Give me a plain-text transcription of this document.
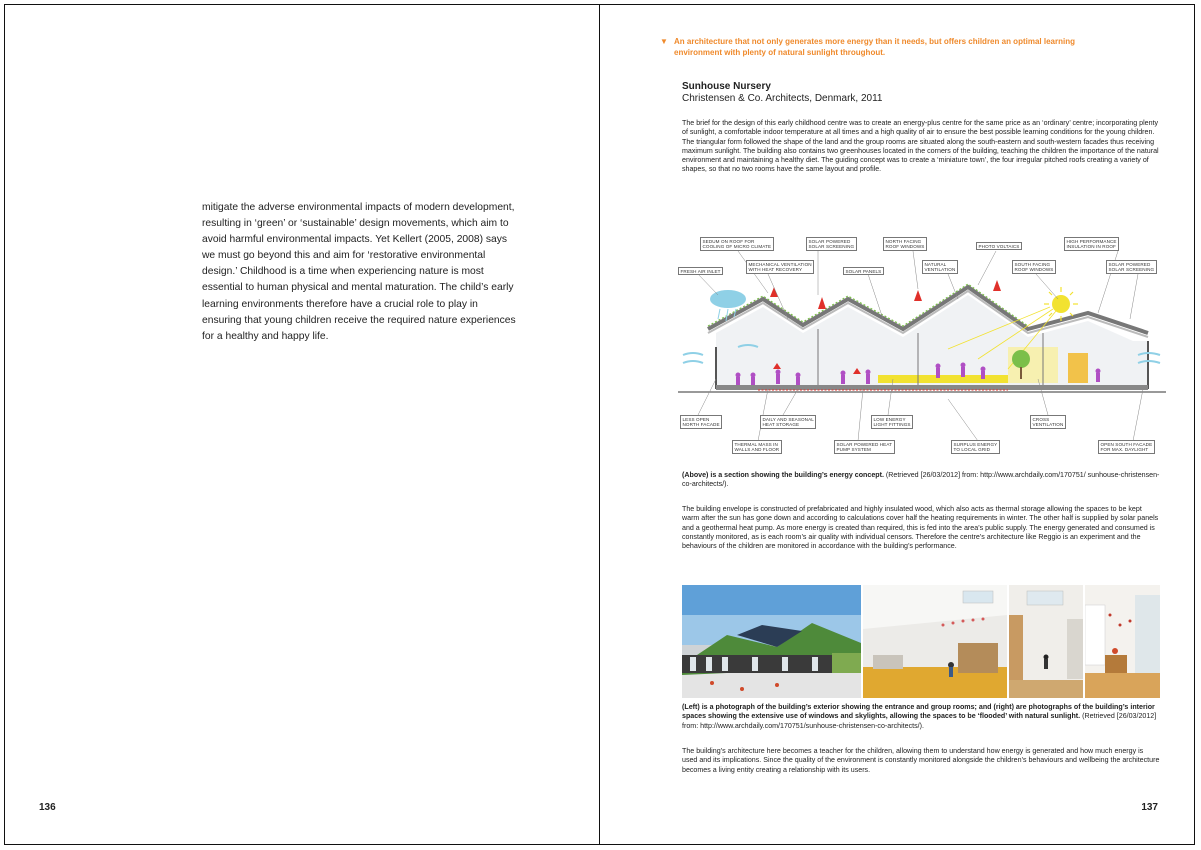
mitigate the adverse environmental impacts of modern development, resulting in ‘green’ or ‘sustainable’ design movements, which aim to avoid harmful environmental impacts. Yet Kellert (2005, 2008) says we must go beyond this and aim for ‘restorative environmental design.’ Childhood is a time when experiencing nature is most essential to human physical and mental maturation. The child’s early learning environments therefore have a crucial role to play in ensuring that young children receive the required nature experiences for a healthy and happy life.

136
▼ An architecture that not only generates more energy than it needs, but offers children an optimal learning environment with plenty of natural sunlight throughout.
Sunhouse Nursery
Christensen & Co. Architects, Denmark, 2011

The brief for the design of this early childhood centre was to create an energy-plus centre for the same price as an ‘ordinary’ centre; incorporating plenty of sunlight, a comfortable indoor temperature at all times and a high quality of air to ensure the best possible learning conditions for the young children. The triangular form followed the shape of the land and the group rooms are situated along the south-eastern and south-western facades thus receiving maximum sunlight. The building also contains two greenhouses located in the corners of the building, teaching the children the importance of the natural environment and maintaining a healthy diet. The guiding concept was to create a ‘miniature town’, the four irregular pitched roofs creating a variety of shapes, so that no two rooms have the same layout and profile.

SEDUM ON ROOF FOR
COOLING OF MICRO CLIMATE
SOLAR POWERED
SOLAR SCREENING
NORTH FACING
ROOF WINDOWS	PHOTO VOLTAICS
HIGH PERFORMANCE
INSULATION IN ROOF
FRESH AIR INLET
MECHANICAL VENTILATION
WITH HEAT RECOVERY	SOLAR PANELS
NATURAL
VENTILATION
SOUTH FACING
ROOF WINDOWS
SOLAR POWERED
SOLAR SCREENING
LESS OPEN
NORTH FACADE
DAILY AND SEASONAL
HEAT STORAGE
LOW ENERGY
LIGHT FITTINGS
CROSS
VENTILATION
THERMAL MASS IN
WALLS AND FLOOR
SOLAR POWERED HEAT
PUMP SYSTEM
SURPLUS ENERGY
TO LOCAL GRID
OPEN SOUTH FACADE
FOR MAX. DAYLIGHT

(Above) is a section showing the building’s energy concept. (Retrieved [26/03/2012] from: http://www.archdaily.com/170751/ sunhouse-christensen-co-architects/).

The building envelope is constructed of prefabricated and highly insulated wood, which also acts as thermal storage allowing the spaces to be kept warm after the sun has gone down and according to calculations cover half the heating requirements in winter. The other half is supplied by solar panels and a geothermal heat pump. As more energy is created than required, this is fed into the area’s public supply. The energy generated and consumed is constantly monitored, as is each room’s air quality with individual censors. Therefore the centre’s architecture like Reggio is an experiment and the behaviours of the children are monitored in accordance with the building’s performance.

(Left) is a photograph of the building’s exterior showing the entrance and group rooms; and (right) are photographs of the building’s interior spaces showing the extensive use of windows and skylights, allowing the spaces to be ‘flooded’ with natural sunlight. (Retrieved [26/03/2012] from: http://www.archdaily.com/170751/sunhouse-christensen-co-architects/).

The building’s architecture here becomes a teacher for the children, allowing them to understand how energy is generated and how much energy is used and its implications. Since the quality of the environment is constantly monitored alongside the children’s behaviours and wellbeing the architecture becomes a living entity creating a relationship with its users.

137
